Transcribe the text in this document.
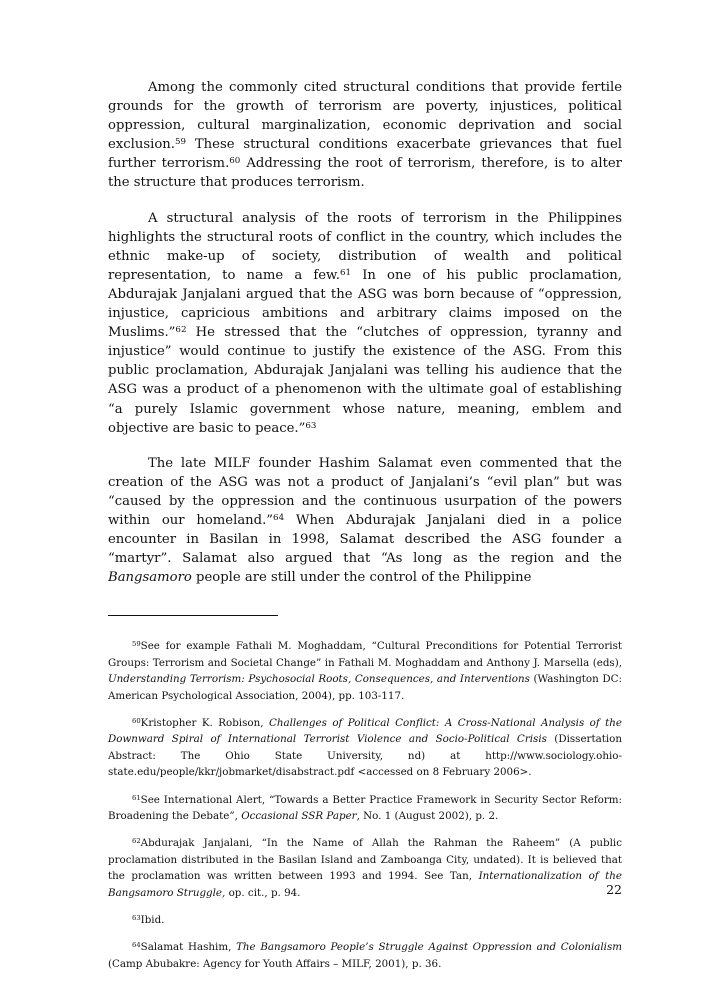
Among the commonly cited structural conditions that provide fertile grounds for the growth of terrorism are poverty, injustices, political oppression, cultural marginalization, economic deprivation and social exclusion.$^{59}$ These structural conditions exacerbate grievances that fuel further terrorism.$^{60}$ Addressing the root of terrorism, therefore, is to alter the structure that produces terrorism.

A structural analysis of the roots of terrorism in the Philippines highlights the structural roots of conflict in the country, which includes the ethnic make-up of society, distribution of wealth and political representation, to name a few.$^{61}$ In one of his public proclamation, Abdurajak Janjalani argued that the ASG was born because of “oppression, injustice, capricious ambitions and arbitrary claims imposed on the Muslims.”$^{62}$ He stressed that the “clutches of oppression, tyranny and injustice” would continue to justify the existence of the ASG. From this public proclamation, Abdurajak Janjalani was telling his audience that the ASG was a product of a phenomenon with the ultimate goal of establishing “a purely Islamic government whose nature, meaning, emblem and objective are basic to peace.”$^{63}$

The late MILF founder Hashim Salamat even commented that the creation of the ASG was not a product of Janjalani’s “evil plan” but was “caused by the oppression and the continuous usurpation of the powers within our homeland.”$^{64}$ When Abdurajak Janjalani died in a police encounter in Basilan in 1998, Salamat described the ASG founder a “martyr”. Salamat also argued that “As long as the region and the Bangsamoro people are still under the control of the Philippine

$^{59}$See for example Fathali M. Moghaddam, “Cultural Preconditions for Potential Terrorist Groups: Terrorism and Societal Change” in Fathali M. Moghaddam and Anthony J. Marsella (eds), Understanding Terrorism: Psychosocial Roots, Consequences, and Interventions (Washington DC: American Psychological Association, 2004), pp. 103-117.

$^{60}$Kristopher K. Robison, Challenges of Political Conflict: A Cross-National Analysis of the Downward Spiral of International Terrorist Violence and Socio-Political Crisis (Dissertation Abstract: The Ohio State University, nd) at http://www.sociology.ohio-state.edu/people/kkr/jobmarket/disabstract.pdf <accessed on 8 February 2006>.

$^{61}$See International Alert, “Towards a Better Practice Framework in Security Sector Reform: Broadening the Debate”, Occasional SSR Paper, No. 1 (August 2002), p. 2.

$^{62}$Abdurajak Janjalani, “In the Name of Allah the Rahman the Raheem” (A public proclamation distributed in the Basilan Island and Zamboanga City, undated). It is believed that the proclamation was written between 1993 and 1994. See Tan, Internationalization of the Bangsamoro Struggle, op. cit., p. 94.

$^{63}$Ibid.

$^{64}$Salamat Hashim, The Bangsamoro People’s Struggle Against Oppression and Colonialism (Camp Abubakre: Agency for Youth Affairs – MILF, 2001), p. 36.

22
